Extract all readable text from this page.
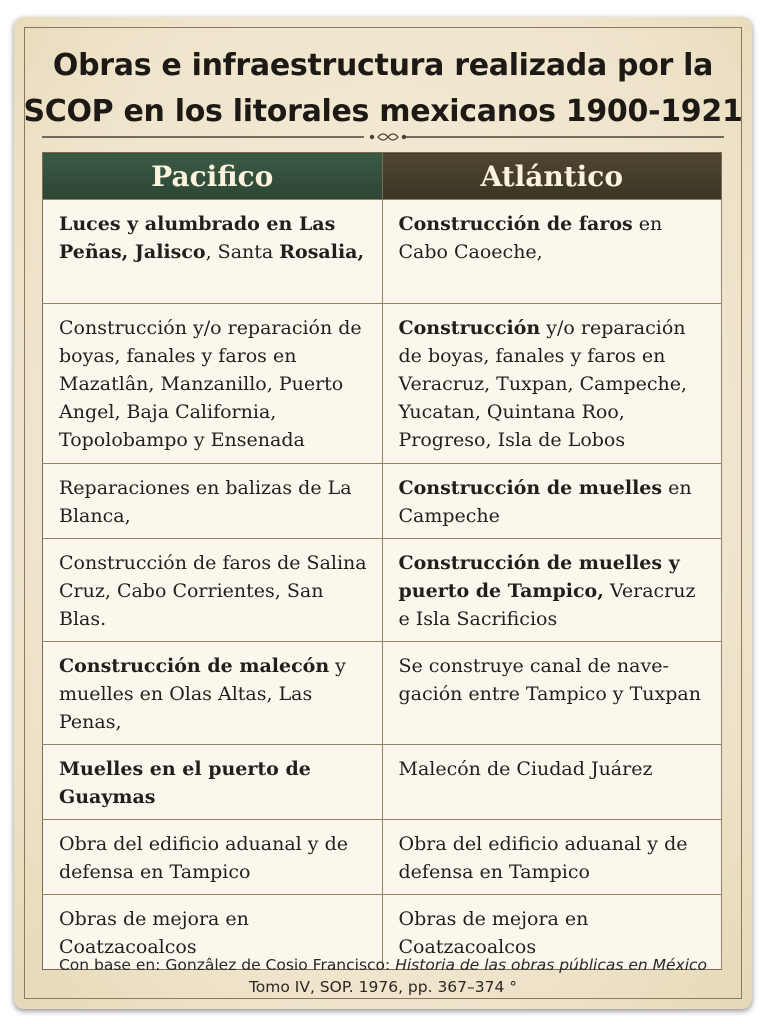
Obras e infraestructura realizada por la
SCOP en los litorales mexicanos 1900-1921
Pacifico	Atlántico
Luces y alumbrado en Las Peñas, Jalisco, Santa Rosalia,	Construcción de faros en Cabo Caoeche,
Construcción y/o reparación de boyas, fanales y faros en Mazatlân, Manzanillo, Puerto Angel, Baja California, Topolobampo y Ensenada	Construcción y/o reparación de boyas, fanales y faros en Veracruz, Tuxpan, Campeche, Yucatan, Quintana Roo, Progreso, Isla de Lobos
Reparaciones en balizas de La Blanca,	Construcción de muelles en Campeche
Construcción de faros de Salina Cruz, Cabo Corrientes, San Blas.	Construcción de muelles y puerto de Tampico, Veracruz e Isla Sacrificios
Construcción de malecón y muelles en Olas Altas, Las Penas,	Se construye canal de nave-gación entre Tampico y Tuxpan
Muelles en el puerto de Guaymas	Malecón de Ciudad Juárez
Obra del edificio aduanal y de defensa en Tampico	Obra del edificio aduanal y de defensa en Tampico
Obras de mejora en Coatzacoalcos	Obras de mejora en Coatzacoalcos
Con base en: Gonzâlez de Cosio Francisco: Historia de las obras públicas en México
Tomo IV, SOP. 1976, pp. 367–374 °
